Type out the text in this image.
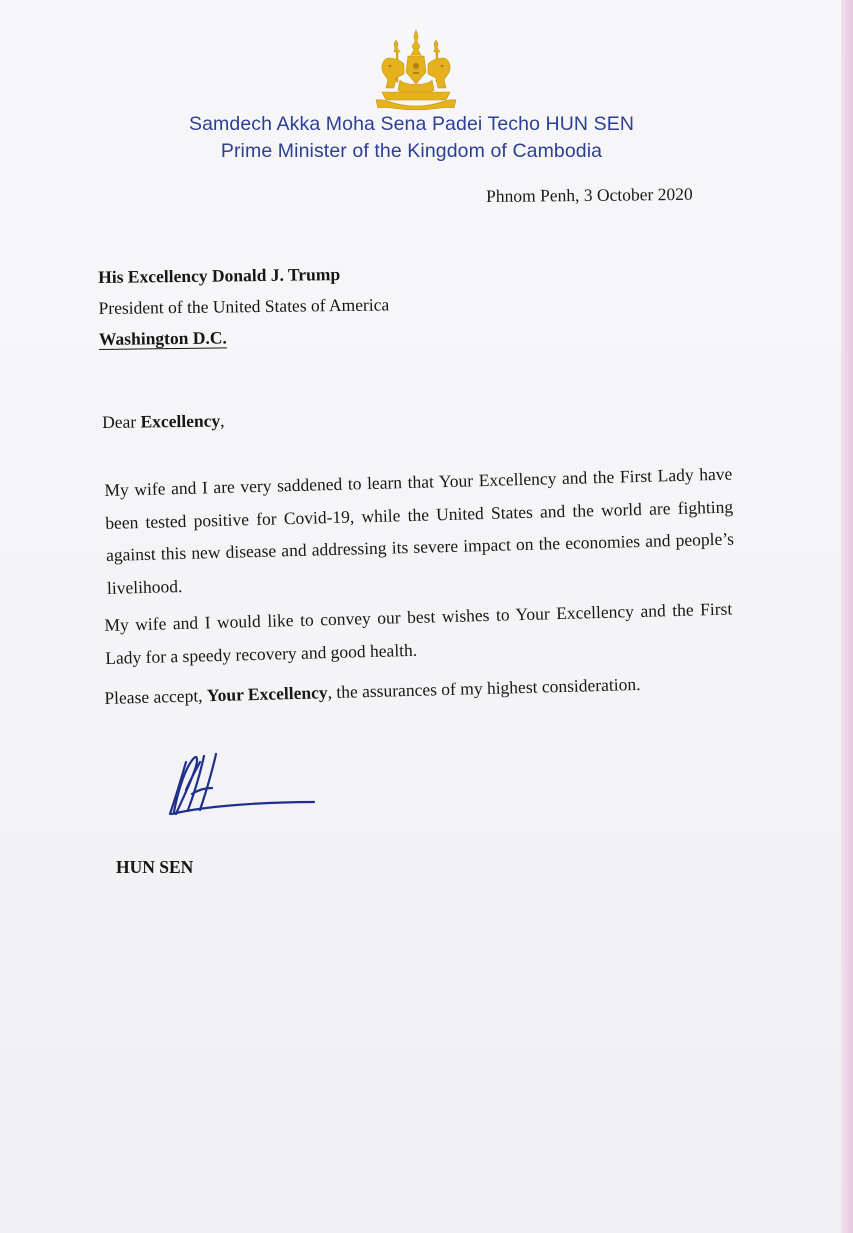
Samdech Akka Moha Sena Padei Techo HUN SEN
Prime Minister of the Kingdom of Cambodia
Phnom Penh, 3 October 2020
His Excellency Donald J. Trump
President of the United States of America
Washington D.C.
Dear Excellency,
My wife and I are very saddened to learn that Your Excellency and the First Lady have been tested positive for Covid-19, while the United States and the world are fighting against this new disease and addressing its severe impact on the economies and people’s livelihood.
My wife and I would like to convey our best wishes to Your Excellency and the First Lady for a speedy recovery and good health.
Please accept, Your Excellency, the assurances of my highest consideration.
HUN SEN
